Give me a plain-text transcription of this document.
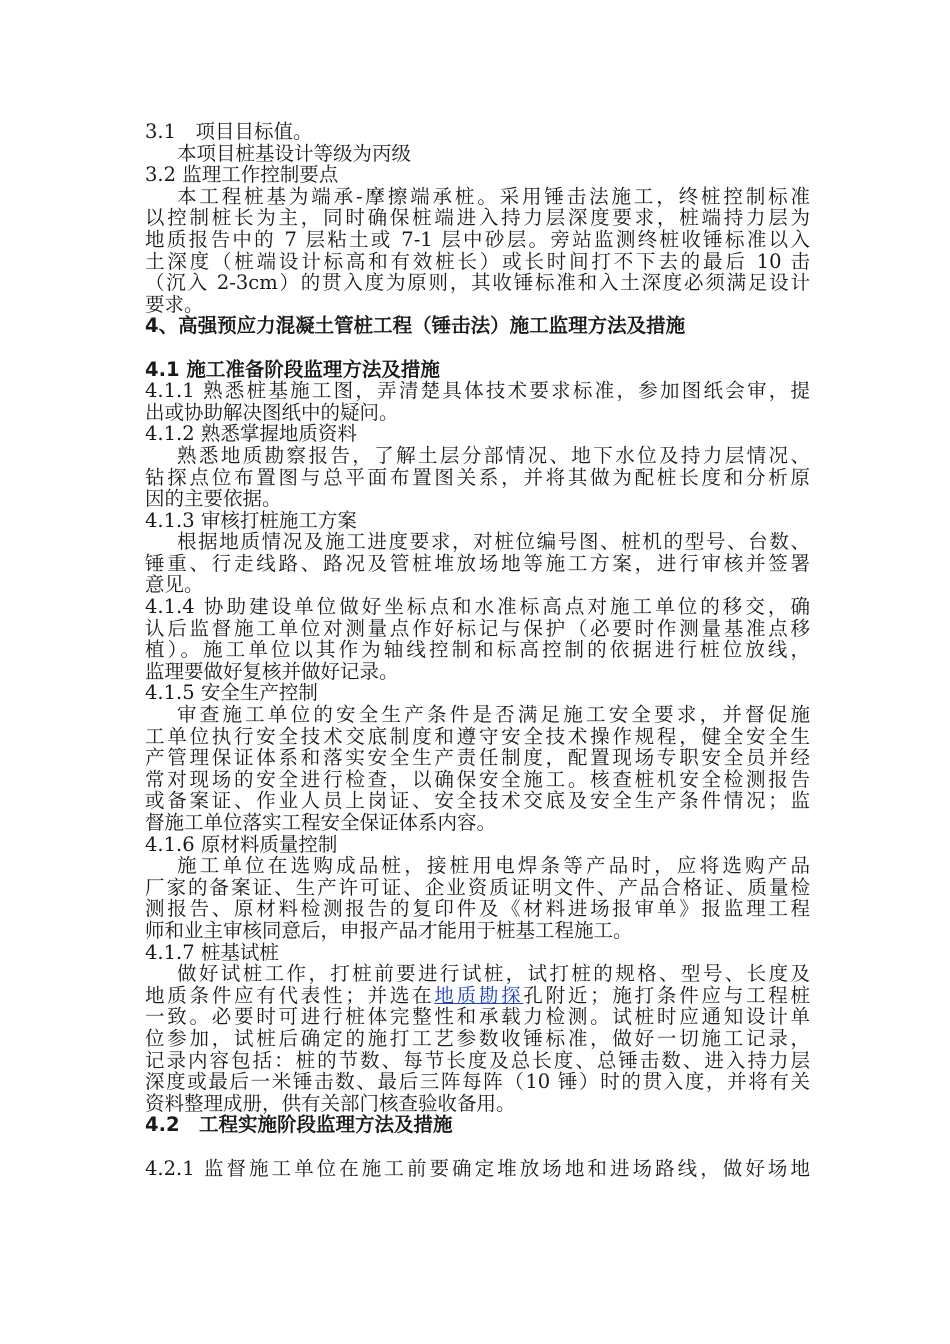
3.1　项目目标值。
本项目桩基设计等级为丙级
3.2 监理工作控制要点
本工程桩基为端承-摩擦端承桩。采用锤击法施工，终桩控制标准
以控制桩长为主，同时确保桩端进入持力层深度要求，桩端持力层为
地质报告中的 7 层粘土或 7-1 层中砂层。旁站监测终桩收锤标准以入
土深度（桩端设计标高和有效桩长）或长时间打不下去的最后 10 击
（沉入 2-3cm）的贯入度为原则，其收锤标准和入土深度必须满足设计
要求。
4、高强预应力混凝土管桩工程（锤击法）施工监理方法及措施
4.1 施工准备阶段监理方法及措施
4.1.1 熟悉桩基施工图，弄清楚具体技术要求标准，参加图纸会审，提
出或协助解决图纸中的疑问。
4.1.2 熟悉掌握地质资料
熟悉地质勘察报告，了解土层分部情况、地下水位及持力层情况、
钻探点位布置图与总平面布置图关系，并将其做为配桩长度和分析原
因的主要依据。
4.1.3 审核打桩施工方案
根据地质情况及施工进度要求，对桩位编号图、桩机的型号、台数、
锤重、行走线路、路况及管桩堆放场地等施工方案，进行审核并签署
意见。
4.1.4 协助建设单位做好坐标点和水准标高点对施工单位的移交，确
认后监督施工单位对测量点作好标记与保护（必要时作测量基准点移
植）。施工单位以其作为轴线控制和标高控制的依据进行桩位放线，
监理要做好复核并做好记录。
4.1.5 安全生产控制
审查施工单位的安全生产条件是否满足施工安全要求，并督促施
工单位执行安全技术交底制度和遵守安全技术操作规程，健全安全生
产管理保证体系和落实安全生产责任制度，配置现场专职安全员并经
常对现场的安全进行检查，以确保安全施工。核查桩机安全检测报告
或备案证、作业人员上岗证、安全技术交底及安全生产条件情况；监
督施工单位落实工程安全保证体系内容。
4.1.6 原材料质量控制
施工单位在选购成品桩，接桩用电焊条等产品时，应将选购产品
厂家的备案证、生产许可证、企业资质证明文件、产品合格证、质量检
测报告、原材料检测报告的复印件及《材料进场报审单》报监理工程
师和业主审核同意后，申报产品才能用于桩基工程施工。
4.1.7 桩基试桩
做好试桩工作，打桩前要进行试桩，试打桩的规格、型号、长度及
地质条件应有代表性；并选在地质勘探孔附近；施打条件应与工程桩
一致。必要时可进行桩体完整性和承载力检测。试桩时应通知设计单
位参加，试桩后确定的施打工艺参数收锤标准，做好一切施工记录，
记录内容包括：桩的节数、每节长度及总长度、总锤击数、进入持力层
深度或最后一米锤击数、最后三阵每阵（10 锤）时的贯入度，并将有关
资料整理成册，供有关部门核查验收备用。
4.2　工程实施阶段监理方法及措施
4.2.1 监督施工单位在施工前要确定堆放场地和进场路线，做好场地
